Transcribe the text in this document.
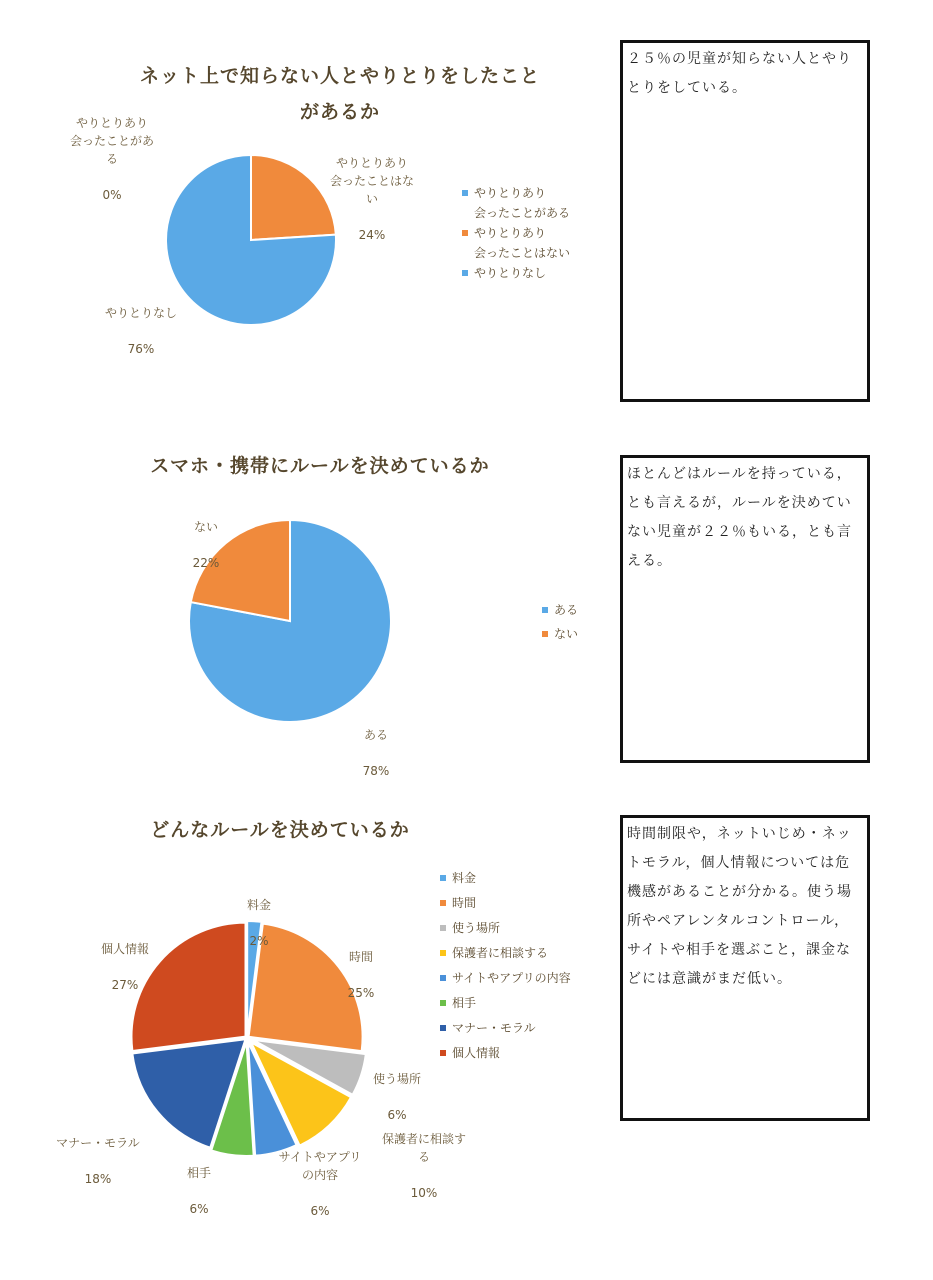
ネット上で知らない人とやりとりをしたこと
があるか

やりとりあり
会ったことがあ
る

0%

やりとりあり
会ったことはな
い

24%

やりとりなし

76%

やりとりあり
会ったことがある
やりとりあり
会ったことはない
やりとりなし
２５％の児童が知らない人とやりとりをしている。
スマホ・携帯にルールを決めているか

ない

22%

ある

78%

ある
ない
ほとんどはルールを持っている，とも言えるが，ルールを決めていない児童が２２％もいる，とも言える。
どんなルールを決めているか

料金

2%

時間

25%

使う場所

6%

保護者に相談す
る

10%

サイトやアプリ
の内容

6%

相手

6%

マナー・モラル

18%

個人情報

27%

料金
時間
使う場所
保護者に相談する
サイトやアプリの内容
相手
マナー・モラル
個人情報
時間制限や，ネットいじめ・ネットモラル，個人情報については危機感があることが分かる。使う場所やペアレンタルコントロール，サイトや相手を選ぶこと，課金などには意識がまだ低い。
